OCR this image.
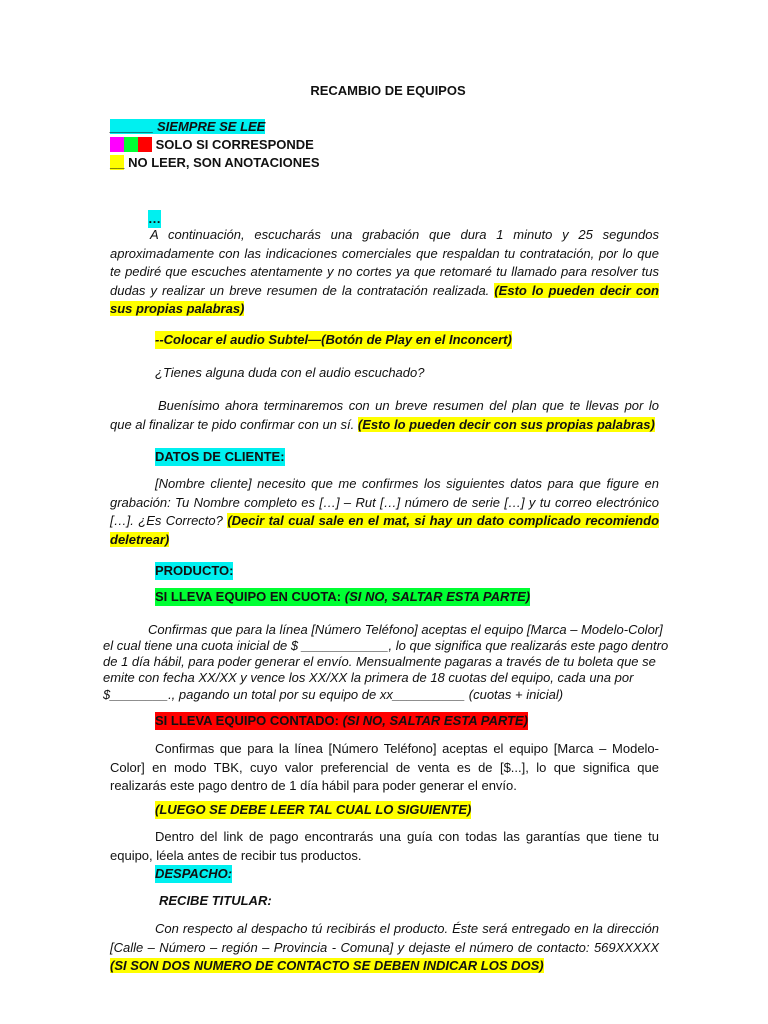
RECAMBIO DE EQUIPOS
______ SIEMPRE SE LEE
SOLO SI CORRESPONDE
__ NO LEER, SON ANOTACIONES
…
A continuación, escucharás una grabación que dura 1 minuto y 25 segundos aproximadamente con las indicaciones comerciales que respaldan tu contratación, por lo que te pediré que escuches atentamente y no cortes ya que retomaré tu llamado para resolver tus dudas y realizar un breve resumen de la contratación realizada. (Esto lo pueden decir con sus propias palabras)
--Colocar el audio Subtel—(Botón de Play en el Inconcert)
¿Tienes alguna duda con el audio escuchado?
Buenísimo ahora terminaremos con un breve resumen del plan que te llevas por lo que al finalizar te pido confirmar con un sí. (Esto lo pueden decir con sus propias palabras)
DATOS DE CLIENTE:
[Nombre cliente] necesito que me confirmes los siguientes datos para que figure en grabación: Tu Nombre completo es […] – Rut […] número de serie […] y tu correo electrónico […]. ¿Es Correcto? (Decir tal cual sale en el mat, si hay un dato complicado recomiendo deletrear)
PRODUCTO:
SI LLEVA EQUIPO EN CUOTA: (SI NO, SALTAR ESTA PARTE)
Confirmas que para la línea [Número Teléfono] aceptas el equipo [Marca – Modelo-Color]
el cual tiene una cuota inicial de $ ____________, lo que significa que realizarás este pago dentro
de 1 día hábil, para poder generar el envío. Mensualmente pagaras a través de tu boleta que se
emite con fecha XX/XX y vence los XX/XX la primera de 18 cuotas del equipo, cada una por
$________., pagando un total por su equipo de xx__________ (cuotas + inicial)
SI LLEVA EQUIPO CONTADO: (SI NO, SALTAR ESTA PARTE)
Confirmas que para la línea [Número Teléfono] aceptas el equipo [Marca – Modelo-Color] en modo TBK, cuyo valor preferencial de venta es de [$...], lo que significa que realizarás este pago dentro de 1 día hábil para poder generar el envío.
(LUEGO SE DEBE LEER TAL CUAL LO SIGUIENTE)
Dentro del link de pago encontrarás una guía con todas las garantías que tiene tu equipo, léela antes de recibir tus productos.
DESPACHO:
RECIBE TITULAR:
Con respecto al despacho tú recibirás el producto. Éste será entregado en la dirección [Calle – Número – región – Provincia - Comuna] y dejaste el número de contacto: 569XXXXX (SI SON DOS NUMERO DE CONTACTO SE DEBEN INDICAR LOS DOS)
